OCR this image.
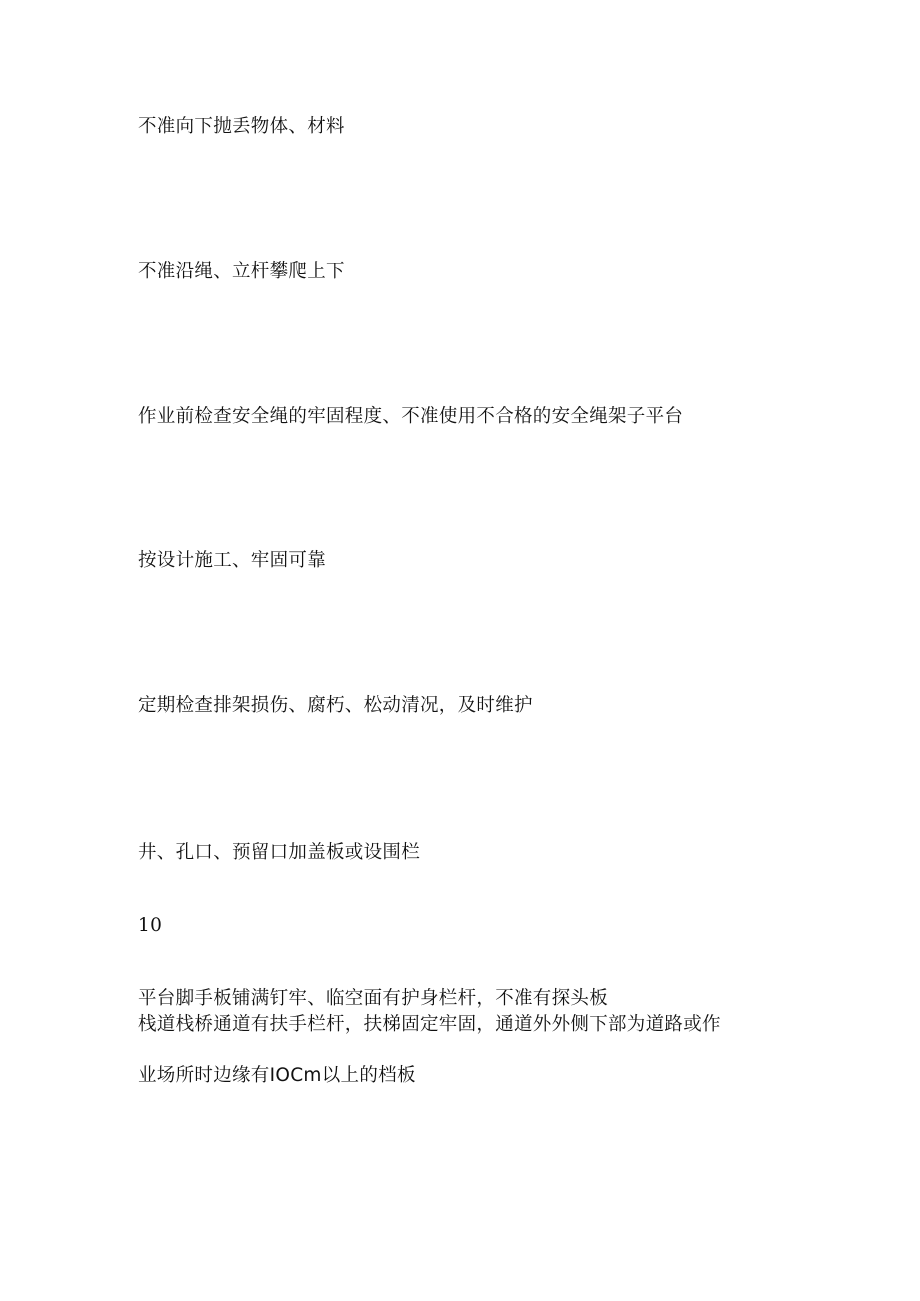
不准向下抛丢物体、材料
不准沿绳、立杆攀爬上下
作业前检查安全绳的牢固程度、不准使用不合格的安全绳架子平台
按设计施工、牢固可靠
定期检查排架损伤、腐朽、松动清况，及时维护
井、孔口、预留口加盖板或设围栏
10
平台脚手板铺满钉牢、临空面有护身栏杆，不准有探头板
栈道栈桥通道有扶手栏杆，扶梯固定牢固，通道外外侧下部为道路或作
业场所时边缘有IOCm以上的档板
